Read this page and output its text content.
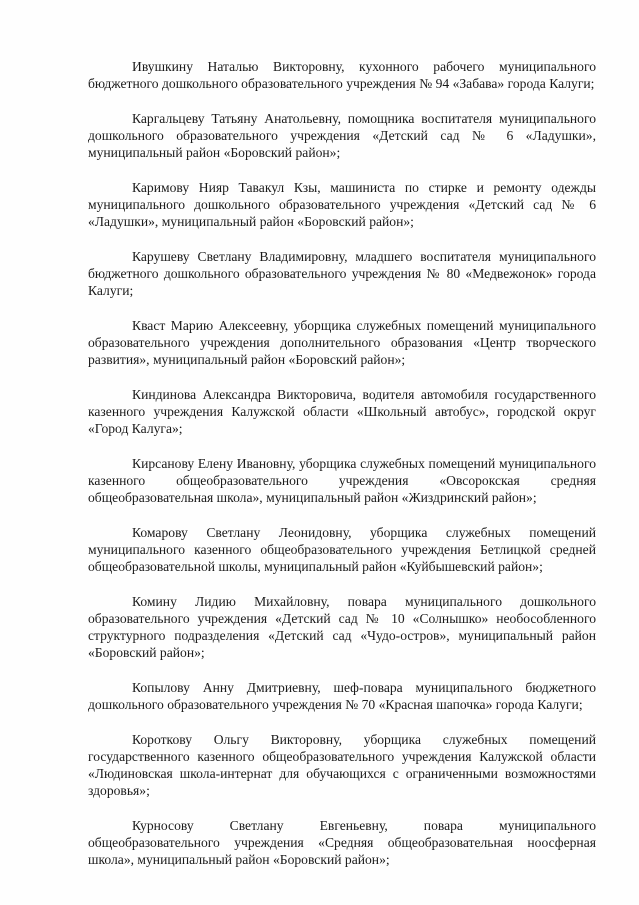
Ивушкину Наталью Викторовну, кухонного рабочего муниципального бюджетного дошкольного образовательного учреждения № 94 «Забава» города Калуги;

Каргальцеву Татьяну Анатольевну, помощника воспитателя муниципального дошкольного образовательного учреждения «Детский сад № 6 «Ладушки», муниципальный район «Боровский район»;

Каримову Нияр Тавакул Кзы, машиниста по стирке и ремонту одежды муниципального дошкольного образовательного учреждения «Детский сад № 6 «Ладушки», муниципальный район «Боровский район»;

Карушеву Светлану Владимировну, младшего воспитателя муниципального бюджетного дошкольного образовательного учреждения № 80 «Медвежонок» города Калуги;

Кваст Марию Алексеевну, уборщика служебных помещений муниципального образовательного учреждения дополнительного образования «Центр творческого развития», муниципальный район «Боровский район»;

Киндинова Александра Викторовича, водителя автомобиля государственного казенного учреждения Калужской области «Школьный автобус», городской округ «Город Калуга»;

Кирсанову Елену Ивановну, уборщика служебных помещений муниципального казенного общеобразовательного учреждения «Овсорокская средняя общеобразовательная школа», муниципальный район «Жиздринский район»;

Комарову Светлану Леонидовну, уборщика служебных помещений муниципального казенного общеобразовательного учреждения Бетлицкой средней общеобразовательной школы, муниципальный район «Куйбышевский район»;

Комину Лидию Михайловну, повара муниципального дошкольного образовательного учреждения «Детский сад № 10 «Солнышко» необособленного структурного подразделения «Детский сад «Чудо-остров», муниципальный район «Боровский район»;

Копылову Анну Дмитриевну, шеф-повара муниципального бюджетного дошкольного образовательного учреждения № 70 «Красная шапочка» города Калуги;

Короткову Ольгу Викторовну, уборщика служебных помещений государственного казенного общеобразовательного учреждения Калужской области «Людиновская школа-интернат для обучающихся с ограниченными возможностями здоровья»;

Курносову Светлану Евгеньевну, повара муниципального общеобразовательного учреждения «Средняя общеобразовательная ноосферная школа», муниципальный район «Боровский район»;
